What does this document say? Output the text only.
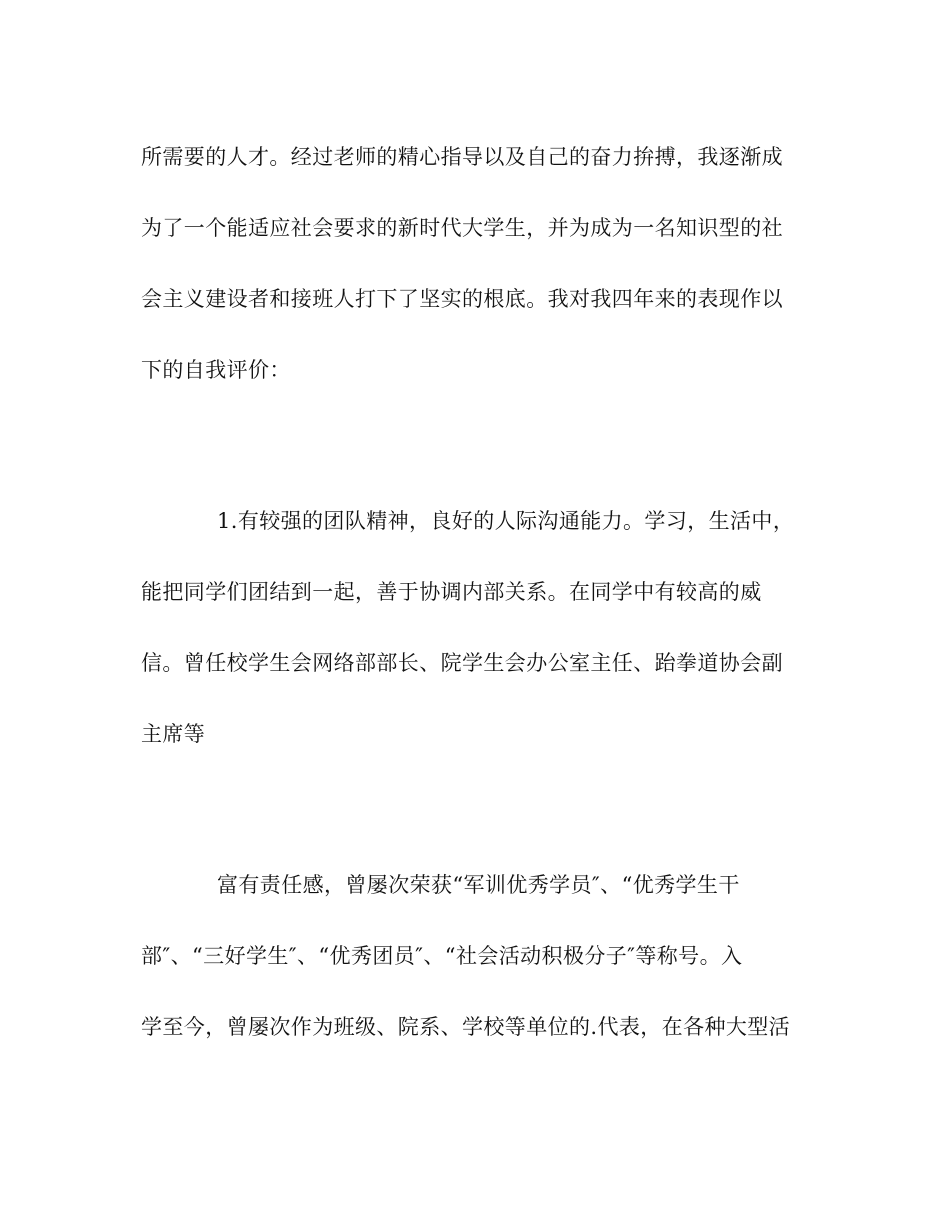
所需要的人才。经过老师的精心指导以及自己的奋力拚搏，我逐渐成
为了一个能适应社会要求的新时代大学生，并为成为一名知识型的社
会主义建设者和接班人打下了坚实的根底。我对我四年来的表现作以
下的自我评价：
1.有较强的团队精神，良好的人际沟通能力。学习，生活中，
能把同学们团结到一起，善于协调内部关系。在同学中有较高的威
信。曾任校学生会网络部部长、院学生会办公室主任、跆拳道协会副
主席等
富有责任感，曾屡次荣获“军训优秀学员″、“优秀学生干
部″、“三好学生″、“优秀团员″、“社会活动积极分子″等称号。入
学至今，曾屡次作为班级、院系、学校等单位的.代表，在各种大型活
